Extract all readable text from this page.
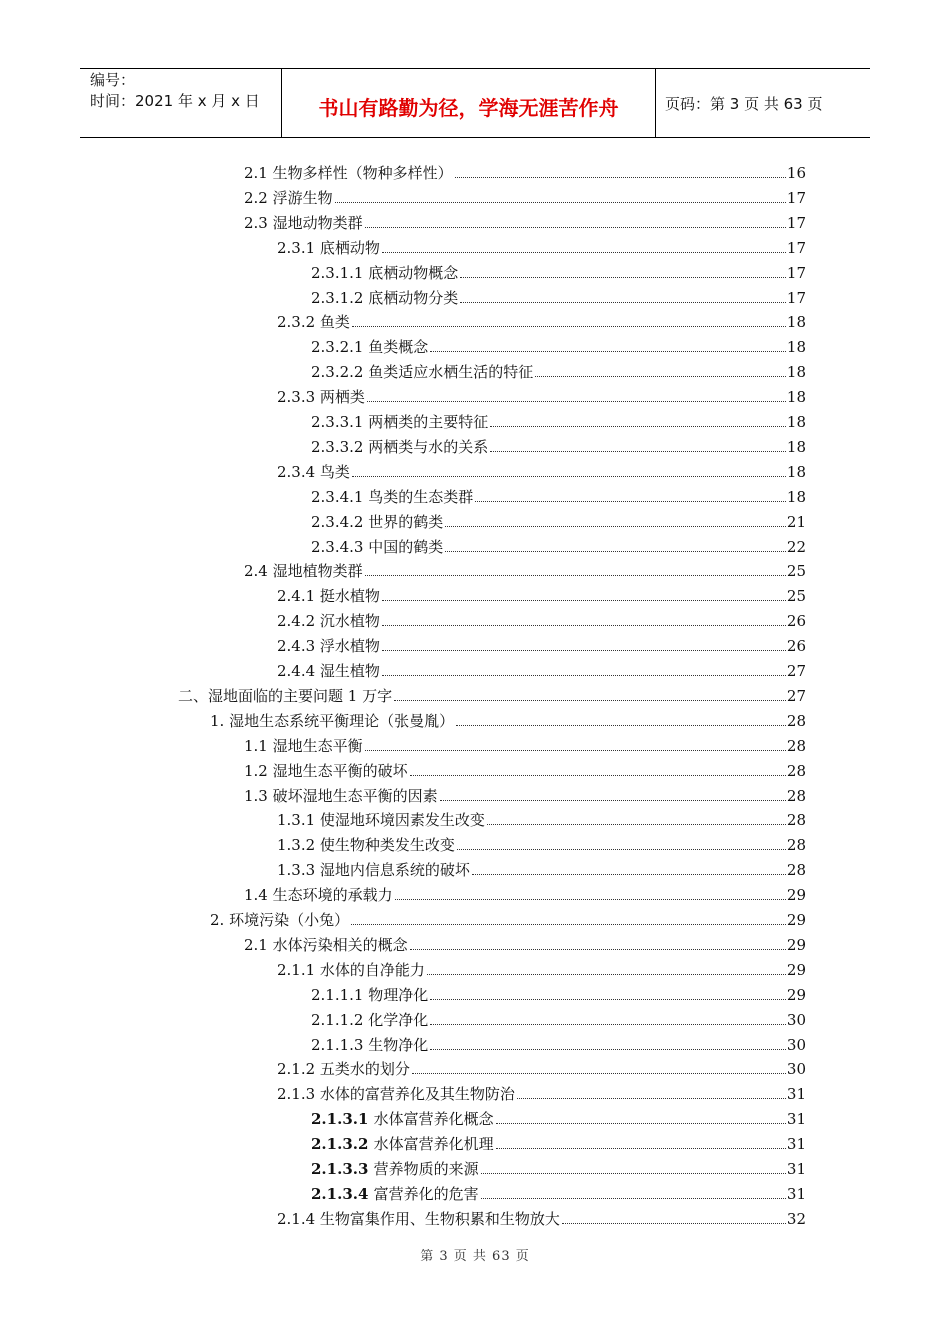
编号：
时间：2021 年 x 月 x 日	书山有路勤为径，学海无涯苦作舟	页码：第 3 页 共 63 页
2.1 生物多样性（物种多样性）	16
2.2 浮游生物	17
2.3 湿地动物类群	17
2.3.1 底栖动物	17
2.3.1.1 底栖动物概念	17
2.3.1.2 底栖动物分类	17
2.3.2 鱼类	18
2.3.2.1 鱼类概念	18
2.3.2.2 鱼类适应水栖生活的特征	18
2.3.3 两栖类	18
2.3.3.1 两栖类的主要特征	18
2.3.3.2 两栖类与水的关系	18
2.3.4 鸟类	18
2.3.4.1 鸟类的生态类群	18
2.3.4.2 世界的鹤类	21
2.3.4.3 中国的鹤类	22
2.4 湿地植物类群	25
2.4.1 挺水植物	25
2.4.2 沉水植物	26
2.4.3 浮水植物	26
2.4.4 湿生植物	27
二、湿地面临的主要问题 1 万字	27
1. 湿地生态系统平衡理论（张曼胤）	28
1.1 湿地生态平衡	28
1.2 湿地生态平衡的破坏	28
1.3 破坏湿地生态平衡的因素	28
1.3.1 使湿地环境因素发生改变	28
1.3.2 使生物种类发生改变	28
1.3.3 湿地内信息系统的破坏	28
1.4 生态环境的承载力	29
2. 环境污染（小兔）	29
2.1 水体污染相关的概念	29
2.1.1 水体的自净能力	29
2.1.1.1 物理净化	29
2.1.1.2 化学净化	30
2.1.1.3 生物净化	30
2.1.2 五类水的划分	30
2.1.3 水体的富营养化及其生物防治	31
2.1.3.1 水体富营养化概念	31
2.1.3.2 水体富营养化机理	31
2.1.3.3 营养物质的来源	31
2.1.3.4 富营养化的危害	31
2.1.4 生物富集作用、生物积累和生物放大	32
第 3 页 共 63 页
